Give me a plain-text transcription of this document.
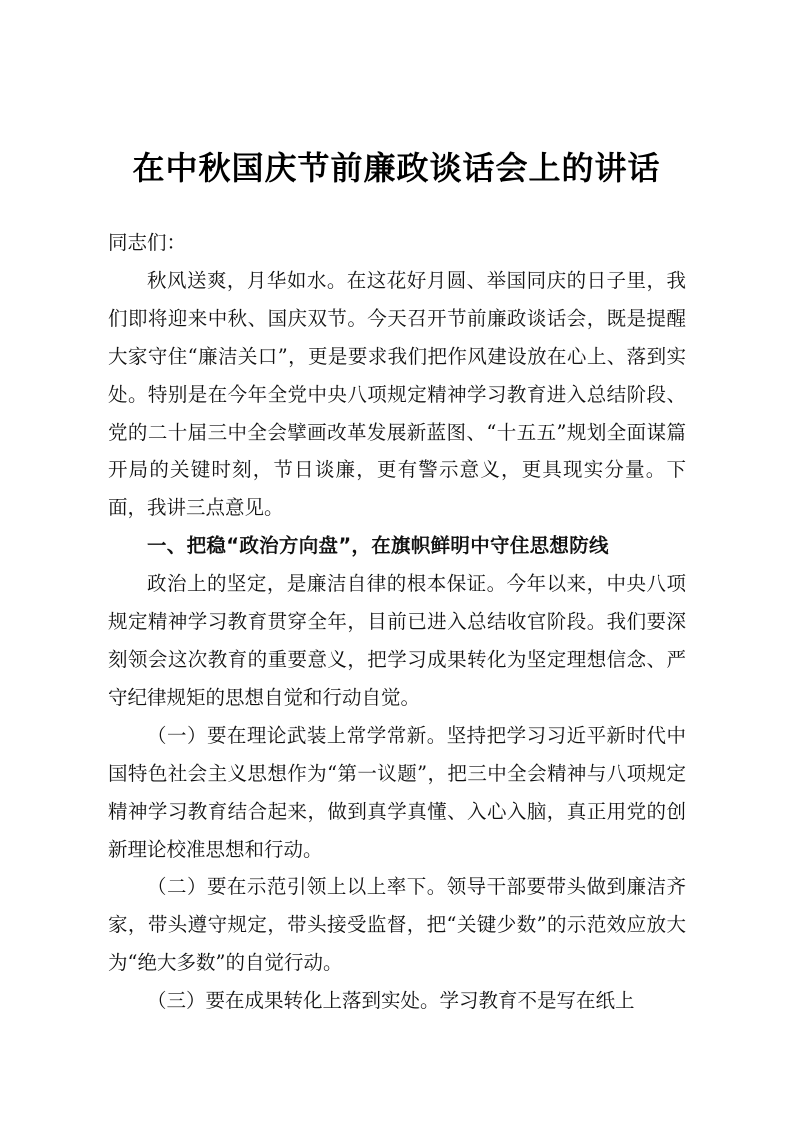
在中秋国庆节前廉政谈话会上的讲话

同志们：

秋风送爽，月华如水。在这花好月圆、举国同庆的日子里，我们即将迎来中秋、国庆双节。今天召开节前廉政谈话会，既是提醒大家守住“廉洁关口”，更是要求我们把作风建设放在心上、落到实处。特别是在今年全党中央八项规定精神学习教育进入总结阶段、党的二十届三中全会擘画改革发展新蓝图、“十五五”规划全面谋篇开局的关键时刻，节日谈廉，更有警示意义，更具现实分量。下面，我讲三点意见。

一、把稳“政治方向盘”，在旗帜鲜明中守住思想防线

政治上的坚定，是廉洁自律的根本保证。今年以来，中央八项规定精神学习教育贯穿全年，目前已进入总结收官阶段。我们要深刻领会这次教育的重要意义，把学习成果转化为坚定理想信念、严守纪律规矩的思想自觉和行动自觉。

（一）要在理论武装上常学常新。坚持把学习习近平新时代中国特色社会主义思想作为“第一议题”，把三中全会精神与八项规定精神学习教育结合起来，做到真学真懂、入心入脑，真正用党的创新理论校准思想和行动。

（二）要在示范引领上以上率下。领导干部要带头做到廉洁齐家，带头遵守规定，带头接受监督，把“关键少数”的示范效应放大为“绝大多数”的自觉行动。

（三）要在成果转化上落到实处。学习教育不是写在纸上
